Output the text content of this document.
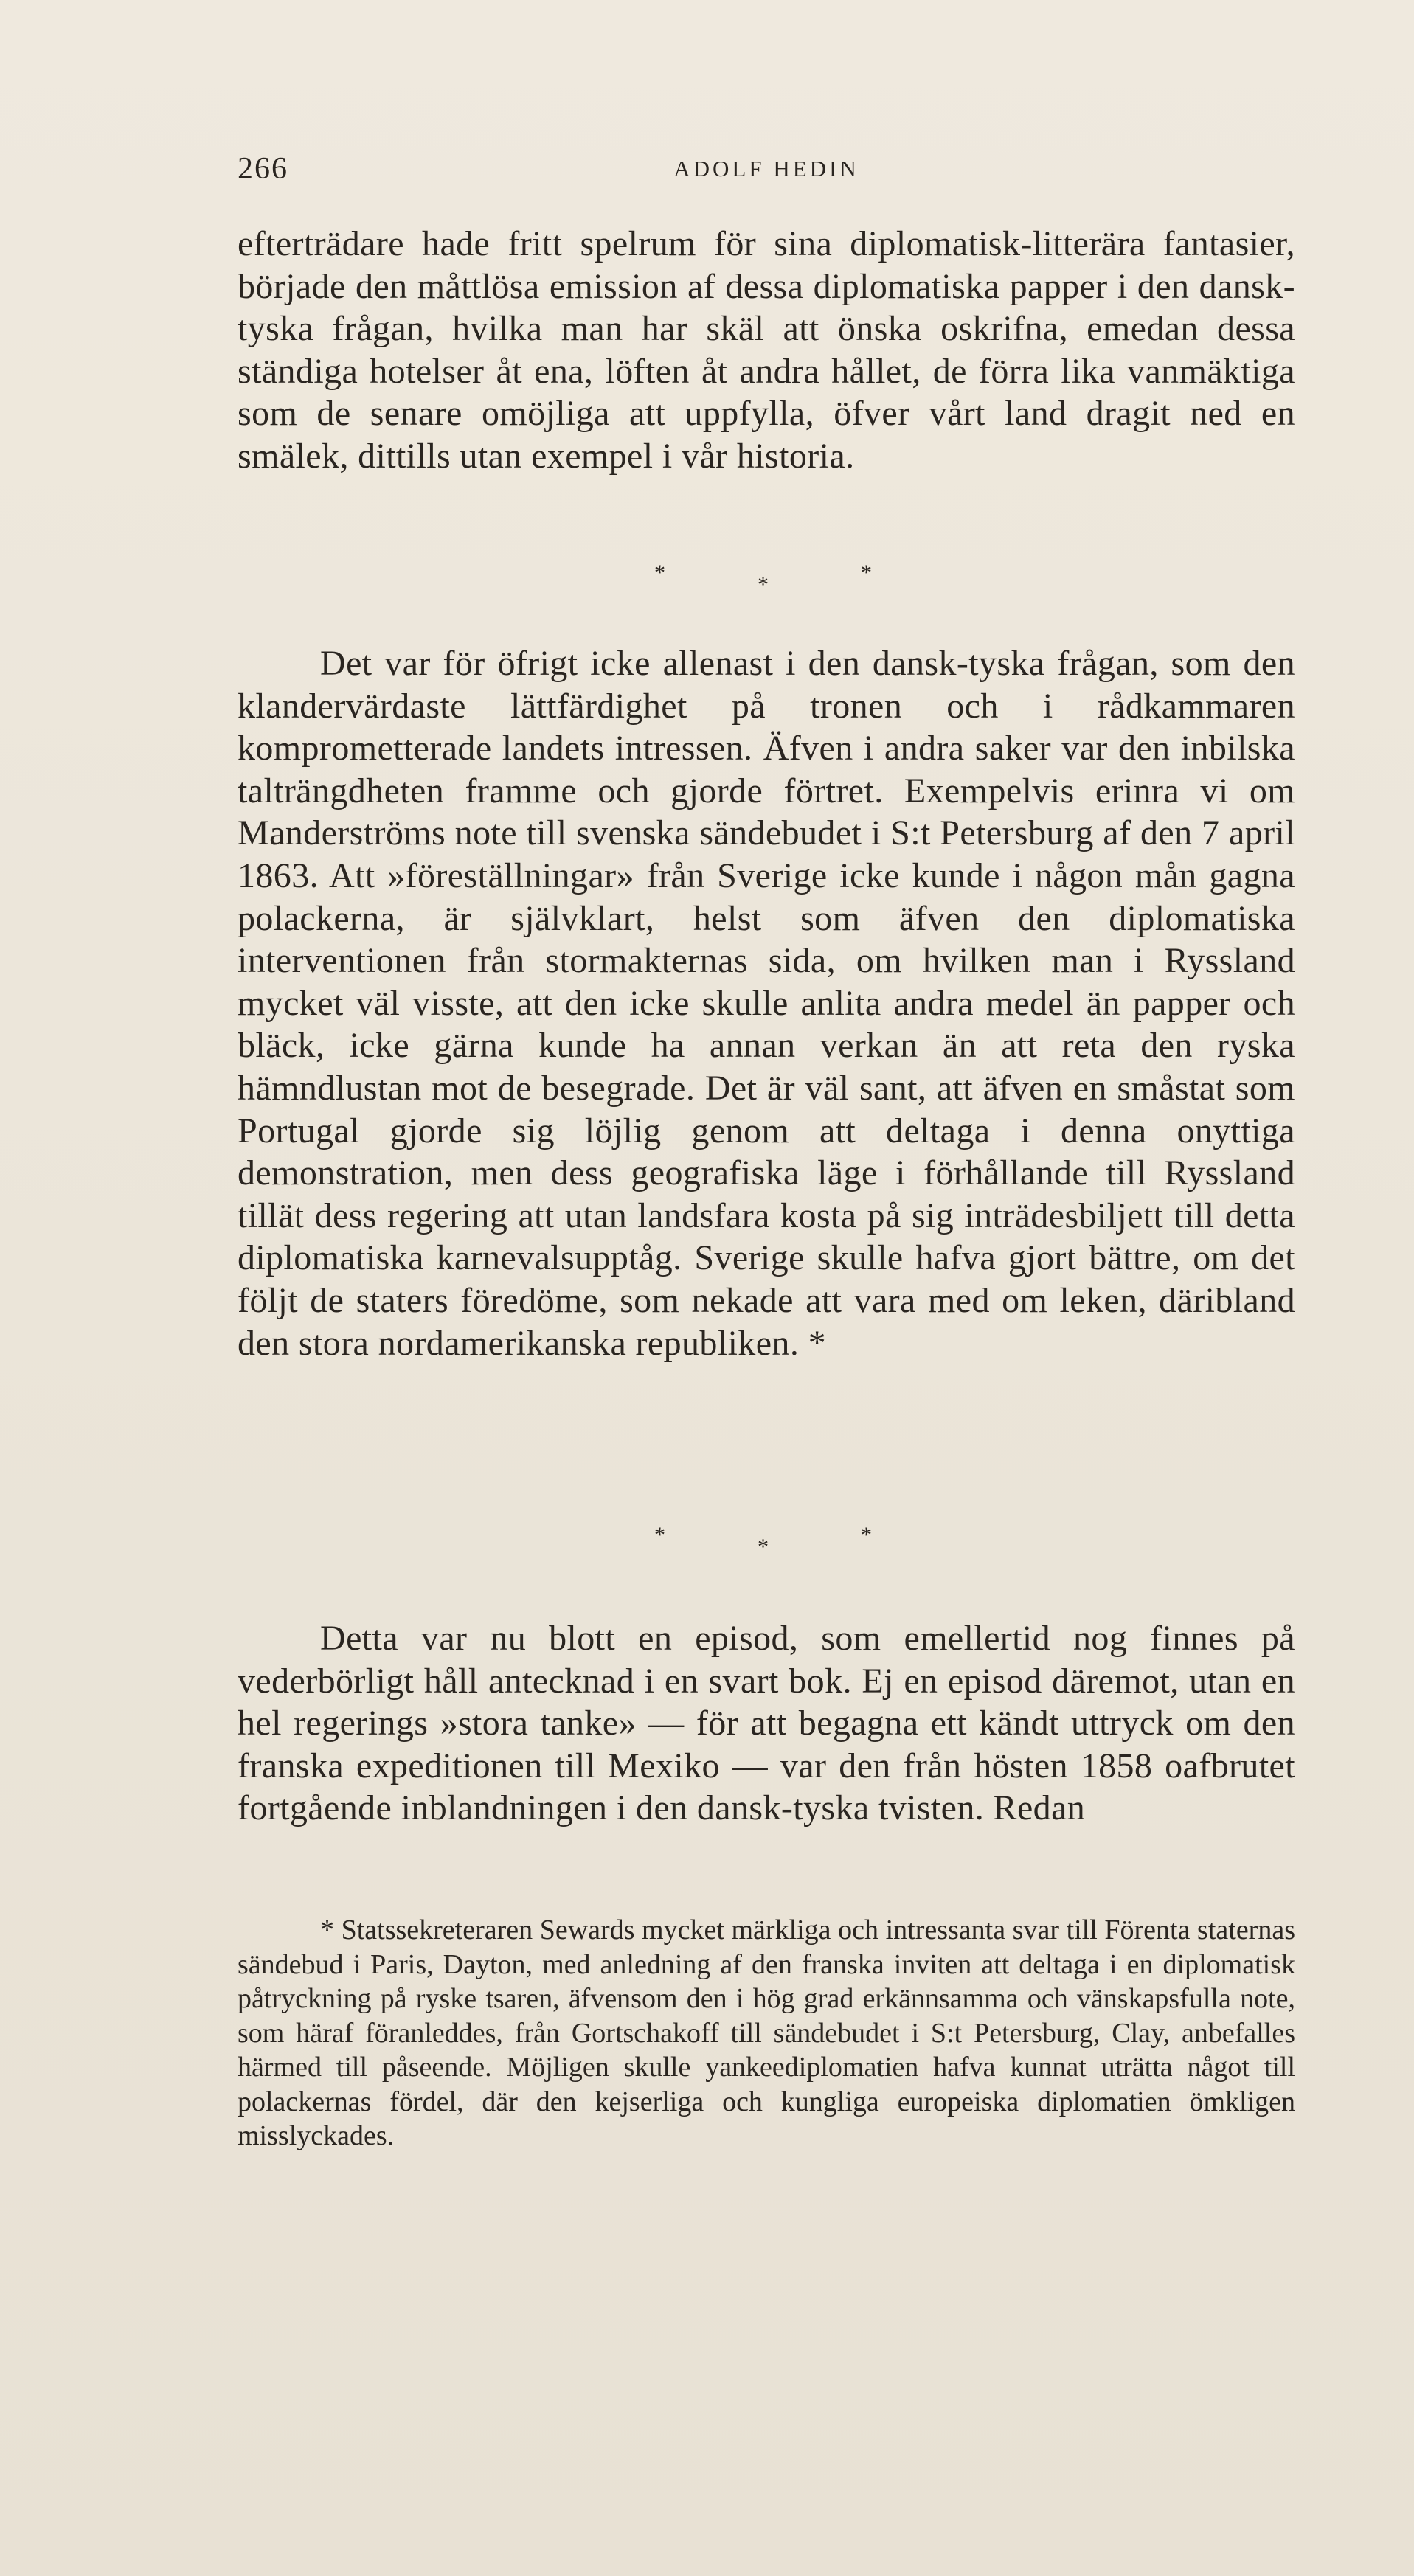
266	ADOLF HEDIN

efterträdare hade fritt spelrum för sina diplomatisk-litterära fantasier, började den måttlösa emission af dessa diplomatiska papper i den dansk-tyska frågan, hvilka man har skäl att önska oskrifna, emedan dessa ständiga hotelser åt ena, löften åt andra hållet, de förra lika vanmäktiga som de senare omöjliga att uppfylla, öfver vårt land dragit ned en smälek, dittills utan exempel i vår historia.

*	*	*

Det var för öfrigt icke allenast i den dansk-tyska frågan, som den klandervärdaste lättfärdighet på tronen och i rådkammaren komprometterade landets intressen. Äfven i andra saker var den inbilska talträngdheten framme och gjorde förtret. Exempelvis erinra vi om Manderströms note till svenska sändebudet i S:t Petersburg af den 7 april 1863. Att »föreställningar» från Sverige icke kunde i någon mån gagna polackerna, är självklart, helst som äfven den diplomatiska interventionen från stormakternas sida, om hvilken man i Ryssland mycket väl visste, att den icke skulle anlita andra medel än papper och bläck, icke gärna kunde ha annan verkan än att reta den ryska hämndlustan mot de besegrade. Det är väl sant, att äfven en småstat som Portugal gjorde sig löjlig genom att deltaga i denna onyttiga demonstration, men dess geografiska läge i förhållande till Ryssland tillät dess regering att utan landsfara kosta på sig inträdesbiljett till detta diplomatiska karnevalsupptåg. Sverige skulle hafva gjort bättre, om det följt de staters föredöme, som nekade att vara med om leken, däribland den stora nordamerikanska republiken. *

*	*	*

Detta var nu blott en episod, som emellertid nog finnes på vederbörligt håll antecknad i en svart bok. Ej en episod däremot, utan en hel regerings »stora tanke» — för att begagna ett kändt uttryck om den franska expeditionen till Mexiko — var den från hösten 1858 oafbrutet fortgående inblandningen i den dansk-tyska tvisten. Redan

* Statssekreteraren Sewards mycket märkliga och intressanta svar till Förenta staternas sändebud i Paris, Dayton, med anledning af den franska inviten att deltaga i en diplomatisk påtryckning på ryske tsaren, äfvensom den i hög grad erkännsamma och vänskapsfulla note, som häraf föranleddes, från Gortschakoff till sändebudet i S:t Petersburg, Clay, anbefalles härmed till påseende. Möjligen skulle yankeediplomatien hafva kunnat uträtta något till polackernas fördel, där den kejserliga och kungliga europeiska diplomatien ömkligen misslyckades.
